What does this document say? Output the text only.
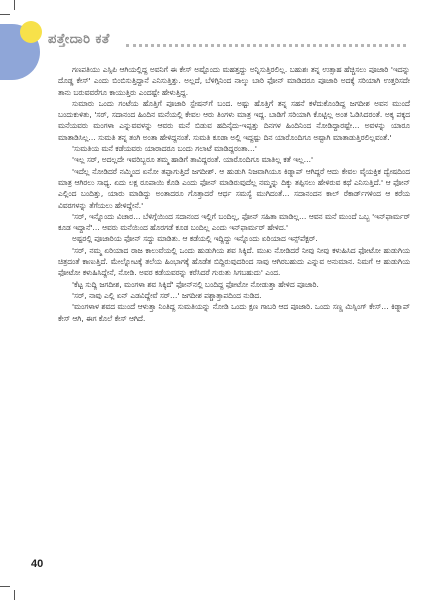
ಪತ್ತೇದಾರಿ ಕತೆ

ಗಣಪತಿಯು ಎಸ್ಸಿಪಿ ಆಗಿಯಲ್ಲಿದ್ದ ಅವನಿಗೆ ಈ ಕೇಸ್ ಅಷ್ಟೊಂದು ಮಹತ್ತದ್ದು ಅನ್ನಿಸುತ್ತಿರಲಿಲ್ಲ. ಬಹುಶಃ ತನ್ನ ಉತ್ಸಾಹ ಹೆಚ್ಚಿಸಲು ಪೂಜಾರಿ 'ಇದನ್ನು ದೊಡ್ಡ ಕೇಸ್' ಎಂದು ಬಿಂಬಿಸುತ್ತಿದ್ದಾನೆ ಎನಿಸುತ್ತಿತ್ತು. ಅಲ್ಲದೆ, ಬೆಳಿಗ್ಗಿನಿಂದ ನಾಲ್ಕು ಬಾರಿ ಫೋನ್ ಮಾಡಿದರೂ ಪೂಜಾರಿ ಅದಕ್ಕೆ ಸರಿಯಾಗಿ ಉತ್ತರಿಸದೇ ತಾನು ಬರುವವರೆಗೂ ಕಾಯುತ್ತಿರು ಎಂದಷ್ಟೇ ಹೇಳುತ್ತಿದ್ದ.

ಸುಮಾರು ಒಂದು ಗಂಟೆಯ ಹೊತ್ತಿಗೆ ಪೂಜಾರಿ ಸ್ಟೇಷನ್‌ಗೆ ಬಂದ. ಅಷ್ಟು ಹೊತ್ತಿಗೆ ತನ್ನ ಸಹನೆ ಕಳೆದುಕೊಂಡಿದ್ದ ಜಗದೀಶ ಅವನ ಮುಂದೆ ಬಂದುಕುಳಿತು, 'ಸರ್, ಸದಾನಂದ ಹಿಂದಿನ ಮನೆಯಲ್ಲಿ ಕೇವಲ ಆರು ತಿಂಗಳು ಮಾತ್ರ ಇದ್ದ. ಬಾಡಿಗೆ ಸರಿಯಾಗಿ ಕೊಟ್ಟಿಲ್ಲ ಅಂತ ಓಡಿಸಿದರಂತೆ. ಅಕ್ಕ ಪಕ್ಕದ ಮನೆಯವರು ಮಂಗಳಾ ಎನ್ನುವವಳನ್ನು ಆವರು ಮನೆ ಬಿಡುವ ಹದಿನೈದು-ಇಪ್ಪತ್ತು ದಿನಗಳ ಹಿಂದಿನಿಂದ ನೋಡಿದ್ದಾರಷ್ಟೇ… ಅವಳನ್ನು ಯಾರೂ ಮಾತಾಡಿಸಿಲ್ಲ… ಸುಮತಿ ತನ್ನ ತಂಗಿ ಅಂತಾ ಹೇಳಿದ್ದನಂತೆ. ಸುಮತಿ ಕೂಡಾ ಅಲ್ಲಿ ಇದ್ದಷ್ಟು ದಿನ ಯಾರೊಂದಿಗೂ ಅಷ್ಟಾಗಿ ಮಾತಾಡುತ್ತಿರಲಿಲ್ಲವಂತೆ.'

'ಸುಮತಿಯ ಮನೆ ಕಡೆಯವರು ಯಾರಾದರೂ ಬಂದು ಗಲಾಟೆ ಮಾಡಿದ್ದರಂತಾ…'

'ಇಲ್ಲ ಸರ್, ಅದಲ್ಲದೇ ಇವರಿಬ್ಬರೂ ತಮ್ಮ ಹಾಡಿಗೆ ತಾವಿದ್ದರಂತೆ. ಯಾರೊಂದಿಗೂ ಮಾತಿಲ್ಲ ಕತೆ ಇಲ್ಲ…'

'ಇದೆಲ್ಲ ನೋಡಿದರೆ ನಮ್ಮಿಂದ ಏನೋ ತಪ್ಪಾಗುತ್ತಿದೆ ಜಗದೀಶ್. ಆ ಹುಡುಗಿ ನಿಜವಾಗಿಯೂ ಕಿಡ್ನಾಪ್ ಆಗಿದ್ದರೆ ಆದು ಕೇವಲ ವೈಯಕ್ತಿಕ ದ್ವೇಷದಿಂದ ಮಾತ್ರ ಆಗಿರಲು ಸಾಧ್ಯ. ಏದು ಲಕ್ಷ ರೂಪಾಯಿ ಕೊಡಿ ಎಂದು ಫೋನ್ ಮಾಡಿರುವುದೆಲ್ಲ ನಮ್ಮನ್ನು ದಿಕ್ಕು ತಪ್ಪಿಸಲು ಹೇಳಿರುವ ಕಥೆ ಎನಿಸುತ್ತಿದೆ.' ಆ ಫೋನ್ ಎಲ್ಲಿಂದ ಬಂದಿತ್ತು, ಯಾರು ಮಾಡಿದ್ದು ಅಂತಾದರೂ ಗೊತ್ತಾದರೆ ಆರ್ಧ ಸಮಸ್ಯೆ ಮುಗಿದಂತೆ… ಸದಾನಂದನ ಕಾಲ್ ರೆಕಾರ್ಡ್‌ಗಳಿಂದ ಆ ಕರೆಯ ವಿವರಗಳನ್ನು ತೆಗೆಯಲು ಹೇಳಿದ್ದೇನೆ.'

'ಸರ್, ಇನ್ನೊಂದು ವಿಚಾರ… ಬೆಳಿಗ್ಗೆಯಿಂದ ಸದಾನಂದ ಇಲ್ಲಿಗೆ ಬಂದಿಲ್ಲ, ಫೋನ್ ಸಹಿತಾ ಮಾಡಿಲ್ಲ… ಆವನ ಮನೆ ಮುಂದೆ ಒಬ್ಬ 'ಇನ್‌ಫಾರ್ಮರ್ ಕೂಡ ಇದ್ದಾನೆ'… ಆವರು ಮನೆಯಿಂದ ಹೊರಗಡೆ ಕೂಡ ಬಂದಿಲ್ಲ ಎಂದು ಇನ್‌ಫಾರ್ಮರ್ ಹೇಳಿದ.'

ಅಷ್ಟರಲ್ಲಿ ಪೂಜಾರಿಯ ಫೋನ್ ಸದ್ದು ಮಾಡಿತು. ಆ ಕಡೆಯಲ್ಲಿ ಇದ್ದಿದ್ದು ಇನ್ನೊಂದು ಏರಿಯಾದ ಇನ್ಸ್‌ಪೆಕ್ಟರ್.

'ಸರ್, ನಮ್ಮ ಏರಿಯಾದ ರಾಜ ಕಾಲುವೆಯಲ್ಲಿ ಒಂದು ಹುಡುಗಿಯ ಶವ ಸಿಕ್ಕಿದೆ. ಮುಖ ನೋಡಿದರೆ ನೀವು ನೀವು ಕಳುಹಿಸಿದ ಫೋಟೋ ಹುಡುಗಿಯ ಚಿತ್ರದಂತೆ ಕಾಣುತ್ತಿದೆ. ಮೇಲ್ನೋಟಕ್ಕೆ ತಲೆಯ ಹಿಂಭಾಗಕ್ಕೆ ಹೊಡೆತ ಬಿದ್ದಿರುವುದರಿಂದ ಸಾವು ಆಗಿರಬಹುದು ಎನ್ನುವ ಅನುಮಾನ. ನಿಮಗೆ ಆ ಹುಡುಗಿಯ ಫೋಟೋ ಕಳುಹಿಸಿದ್ದೇನೆ, ನೋಡಿ. ಅವರ ಕಡೆಯವರನ್ನು ಕರೆಸಿದರೆ ಗುರುತು ಸಿಗಬಹುದು' ಎಂದ.

'ಕೆಟ್ಟ ಸುದ್ದಿ ಜಗದೀಶ, ಮಂಗಳಾ ಶವ ಸಿಕ್ಕಿದೆ' ಫೋನ್‌ನಲ್ಲಿ ಬಂದಿದ್ದ ಫೋಟೋ ನೋಡುತ್ತಾ ಹೇಳಿದ ಪೂಜಾರಿ.

'ಸರ್, ನಾವು ಎಲ್ಲಿ ಏನ್ ಎಡವಿದ್ದೇವೆ ಸರ್…' ಜಗದೀಶ ಪಶ್ಚಾತ್ತಾಪದಿಂದ ನುಡಿದ.

'ಮಂಗಳಾಳ ಶವದ ಮುಂದೆ ಆಳುತ್ತಾ ನಿಂತಿದ್ದ ಸುಮತಿಯನ್ನು ನೋಡಿ ಒಂದು ಕ್ಷಣ ಗಾಬರಿ ಆದ ಪೂಜಾರಿ. ಒಂದು ಸಣ್ಣ ಮಿಸ್ಸಿಂಗ್ ಕೇಸ್… ಕಿಡ್ನಾಪ್ ಕೇಸ್ ಆಗಿ, ಈಗ ಕೊಲೆ ಕೇಸ್ ಆಗಿದೆ.

40
